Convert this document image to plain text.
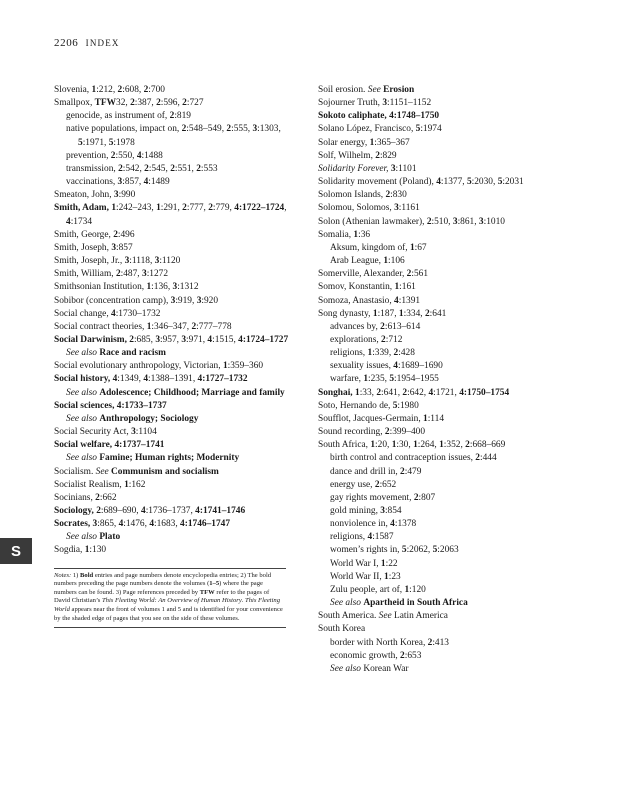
2206 INDEX
Slovenia, 1:212, 2:608, 2:700
Smallpox, TFW32, 2:387, 2:596, 2:727
genocide, as instrument of, 2:819
native populations, impact on, 2:548–549, 2:555, 3:1303, 5:1971, 5:1978
prevention, 2:550, 4:1488
transmission, 2:542, 2:545, 2:551, 2:553
vaccinations, 3:857, 4:1489
Smeaton, John, 3:990
Smith, Adam, 1:242–243, 1:291, 2:777, 2:779, 4:1722–1724, 4:1734
Smith, George, 2:496
Smith, Joseph, 3:857
Smith, Joseph, Jr., 3:1118, 3:1120
Smith, William, 2:487, 3:1272
Smithsonian Institution, 1:136, 3:1312
Sobibor (concentration camp), 3:919, 3:920
Social change, 4:1730–1732
Social contract theories, 1:346–347, 2:777–778
Social Darwinism, 2:685, 3:957, 3:971, 4:1515, 4:1724–1727
See also Race and racism
Social evolutionary anthropology, Victorian, 1:359–360
Social history, 4:1349, 4:1388–1391, 4:1727–1732
See also Adolescence; Childhood; Marriage and family
Social sciences, 4:1733–1737
See also Anthropology; Sociology
Social Security Act, 3:1104
Social welfare, 4:1737–1741
See also Famine; Human rights; Modernity
Socialism. See Communism and socialism
Socialist Realism, 1:162
Socinians, 2:662
Sociology, 2:689–690, 4:1736–1737, 4:1741–1746
Socrates, 3:865, 4:1476, 4:1683, 4:1746–1747
See also Plato
Sogdia, 1:130
Notes: 1) Bold entries and page numbers denote encyclopedia entries; 2) The bold numbers preceding the page numbers denote the volumes (1–5) where the page numbers can be found. 3) Page references preceded by TFW refer to the pages of David Christian’s This Fleeting World: An Overview of Human History. This Fleeting World appears near the front of volumes 1 and 5 and is identified for your convenience by the shaded edge of pages that you see on the side of these volumes.
Soil erosion. See Erosion
Sojourner Truth, 3:1151–1152
Sokoto caliphate, 4:1748–1750
Solano López, Francisco, 5:1974
Solar energy, 1:365–367
Solf, Wilhelm, 2:829
Solidarity Forever, 3:1101
Solidarity movement (Poland), 4:1377, 5:2030, 5:2031
Solomon Islands, 2:830
Solomou, Solomos, 3:1161
Solon (Athenian lawmaker), 2:510, 3:861, 3:1010
Somalia, 1:36
Aksum, kingdom of, 1:67
Arab League, 1:106
Somerville, Alexander, 2:561
Somov, Konstantin, 1:161
Somoza, Anastasio, 4:1391
Song dynasty, 1:187, 1:334, 2:641
advances by, 2:613–614
explorations, 2:712
religions, 1:339, 2:428
sexuality issues, 4:1689–1690
warfare, 1:235, 5:1954–1955
Songhai, 1:33, 2:641, 2:642, 4:1721, 4:1750–1754
Soto, Hernando de, 5:1980
Soufflot, Jacques-Germain, 1:114
Sound recording, 2:399–400
South Africa, 1:20, 1:30, 1:264, 1:352, 2:668–669
birth control and contraception issues, 2:444
dance and drill in, 2:479
energy use, 2:652
gay rights movement, 2:807
gold mining, 3:854
nonviolence in, 4:1378
religions, 4:1587
women’s rights in, 5:2062, 5:2063
World War I, 1:22
World War II, 1:23
Zulu people, art of, 1:120
See also Apartheid in South Africa
South America. See Latin America
South Korea
border with North Korea, 2:413
economic growth, 2:653
See also Korean War
S
